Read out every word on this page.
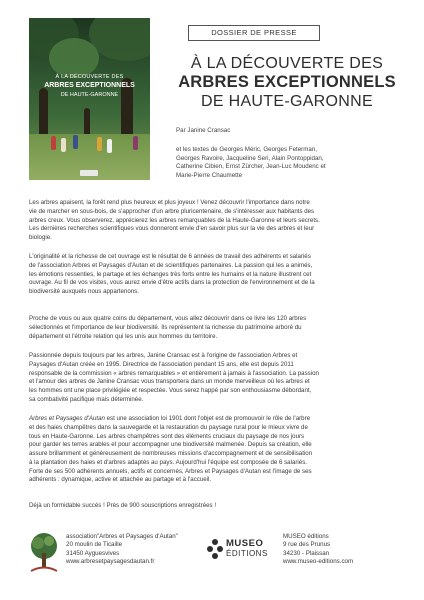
À LA DÉCOUVERTE DES
ARBRES EXCEPTIONNELS
DE HAUTE-GARONNE
DOSSIER DE PRESSE
À LA DÉCOUVERTE DES
ARBRES EXCEPTIONNELS
DE HAUTE-GARONNE
Par Janine Cransac
et les textes de Georges Méric, Georges Feterman,
Georges Ravoire, Jacqueline Seri, Alain Pontoppidan,
Catherine Cibien, Ernst Zürcher, Jean-Luc Moudenc et
Marie-Pierre Chaumette
Les arbres apaisent, la forêt rend plus heureux et plus joyeux ! Venez découvrir l'importance dans notre
vie de marcher en sous-bois, de s'approcher d'un arbre pluricentenaire, de s'intéresser aux habitants des
arbres creux. Vous observerez, apprécierez les arbres remarquables de la Haute-Garonne et leurs secrets.
Les dernières recherches scientifiques vous donneront envie d'en savoir plus sur la vie des arbres et leur
biologie.
L'originalité et la richesse de cet ouvrage est le résultat de 6 années de travail des adhérents et salariés
de l'association Arbres et Paysages d'Autan et de scientifiques partenaires. La passion qui les a animés,
les émotions ressenties, le partage et les échanges très forts entre les humains et la nature illustrent cet
ouvrage. Au fil de vos visites, vous aurez envie d'être actifs dans la protection de l'environnement et de la
biodiversité auxquels nous appartenons.
Proche de vous ou aux quatre coins du département, vous allez découvrir dans ce livre les 120 arbres
sélectionnés et l'importance de leur biodiversité. Ils représentent la richesse du patrimoine arboré du
département et l'étroite relation qui les unis aux hommes du territoire.
Passionnée depuis toujours par les arbres, Janine Cransac est à l'origine de l'association Arbres et
Paysages d'Autan créée en 1995. Directrice de l'association pendant 15 ans, elle est depuis 2011
responsable de la commission « arbres remarquables » et entièrement à jamais à l'association. La passion
et l'amour des arbres de Janine Cransac vous transportera dans un monde merveilleux où les arbres et
les hommes ont une place privilégiée et respectée. Vous serez happé par son enthousiasme débordant,
sa combativité pacifique mais déterminée.
Arbres et Paysages d'Autan est une association loi 1901 dont l'objet est de promouvoir le rôle de l'arbre
et des haies champêtres dans la sauvegarde et la restauration du paysage rural pour le mieux vivre de
tous en Haute-Garonne. Les arbres champêtres sont des éléments cruciaux du paysage de nos jours
pour garder les terres arables et pour accompagner une biodiversité malmenée. Depuis sa création, elle
assure brillamment et généreusement de nombreuses missions d'accompagnement et de sensibilisation
à la plantation des haies et d'arbres adaptés au pays. Aujourd'hui l'équipe est composée de 6 salariés.
Forte de ses 500 adhérents annuels, actifs et concernés, Arbres et Paysages d'Autan est l'image de ses
adhérents : dynamique, active et attachée au partage et à l'accueil.
Déjà un formidable succès ! Près de 900 souscriptions enregistrées !
association"Arbres et Paysages d'Autan"
20 moulin de Ticaille
31450 Ayguesvives
www.arbresetpaysagesdautan.fr
MUSEO
ÉDITIONS
MUSEO éditions
9 rue des Prunus
34230 - Plaissan
www.museo-editions.com
